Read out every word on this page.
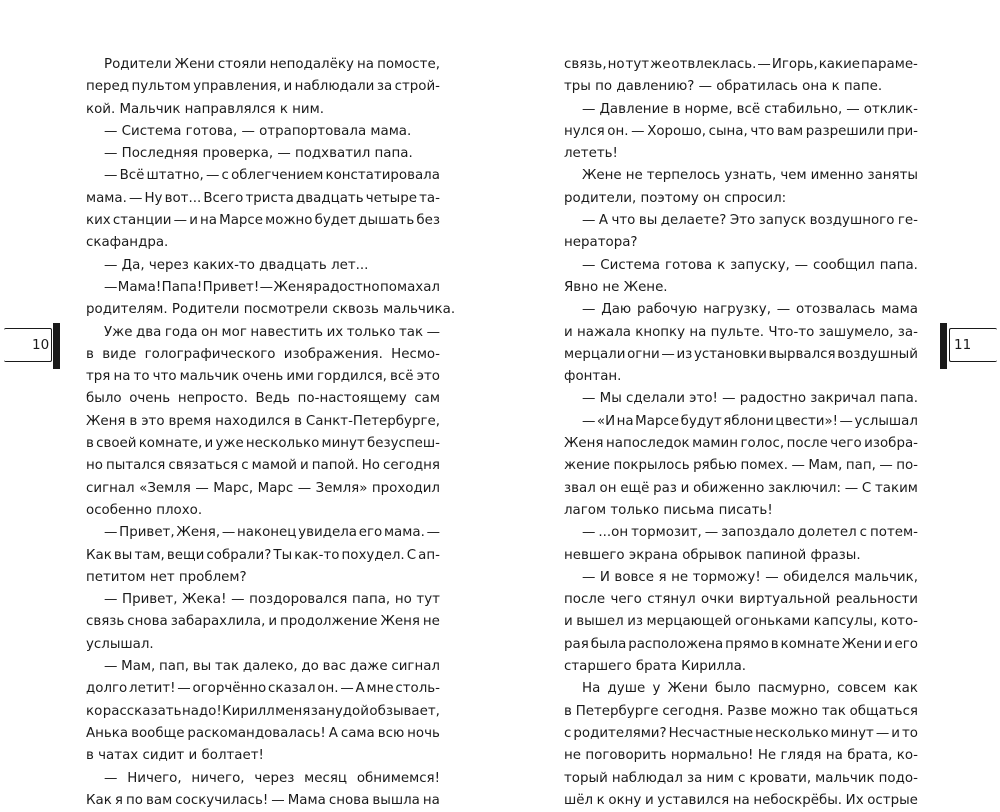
Родители Жени стояли неподалёку на помосте,
перед пультом управления, и наблюдали за строй-
кой. Мальчик направлялся к ним.
— Система готова, — отрапортовала мама.
— Последняя проверка, — подхватил папа.
— Всё штатно, — с облегчением констатировала
мама. — Ну вот... Всего триста двадцать четыре та-
ких станции — и на Марсе можно будет дышать без
скафандра.
— Да, через каких-то двадцать лет...
— Мама! Папа! Привет! — Женя радостно помахал
родителям. Родители посмотрели сквозь мальчика.
Уже два года он мог навестить их только так —
в виде голографического изображения. Несмо-
тря на то что мальчик очень ими гордился, всё это
было очень непросто. Ведь по-настоящему сам
Женя в это время находился в Санкт-Петербурге,
в своей комнате, и уже несколько минут безуспеш-
но пытался связаться с мамой и папой. Но сегодня
сигнал «Земля — Марс, Марс — Земля» проходил
особенно плохо.
— Привет, Женя, — наконец увидела его мама. —
Как вы там, вещи собрали? Ты как-то похудел. С ап-
петитом нет проблем?
— Привет, Жека! — поздоровался папа, но тут
связь снова забарахлила, и продолжение Женя не
услышал.
— Мам, пап, вы так далеко, до вас даже сигнал
долго летит! — огорчённо сказал он. — А мне столь-
ко рассказать надо! Кирилл меня занудой обзывает,
Анька вообще раскомандовалась! А сама всю ночь
в чатах сидит и болтает!
— Ничего, ничего, через месяц обнимемся!
Как я по вам соскучилась! — Мама снова вышла на
связь, но тут же отвлеклась. — Игорь, какие параме-
тры по давлению? — обратилась она к папе.
— Давление в норме, всё стабильно, — отклик-
нулся он. — Хорошо, сына, что вам разрешили при-
лететь!
Жене не терпелось узнать, чем именно заняты
родители, поэтому он спросил:
— А что вы делаете? Это запуск воздушного ге-
нератора?
— Система готова к запуску, — сообщил папа.
Явно не Жене.
— Даю рабочую нагрузку, — отозвалась мама
и нажала кнопку на пульте. Что-то зашумело, за-
мерцали огни — из установки вырвался воздушный
фонтан.
— Мы сделали это! — радостно закричал папа.
— «И на Марсе будут яблони цвести»! — услышал
Женя напоследок мамин голос, после чего изобра-
жение покрылось рябью помех. — Мам, пап, — по-
звал он ещё раз и обиженно заключил: — С таким
лагом только письма писать!
— ...он тормозит, — запоздало долетел с потем-
невшего экрана обрывок папиной фразы.
— И вовсе я не торможу! — обиделся мальчик,
после чего стянул очки виртуальной реальности
и вышел из мерцающей огоньками капсулы, кото-
рая была расположена прямо в комнате Жени и его
старшего брата Кирилла.
На душе у Жени было пасмурно, совсем как
в Петербурге сегодня. Разве можно так общаться
с родителями? Несчастные несколько минут — и то
не поговорить нормально! Не глядя на брата, ко-
торый наблюдал за ним с кровати, мальчик подо-
шёл к окну и уставился на небоскрёбы. Их острые
10	11
